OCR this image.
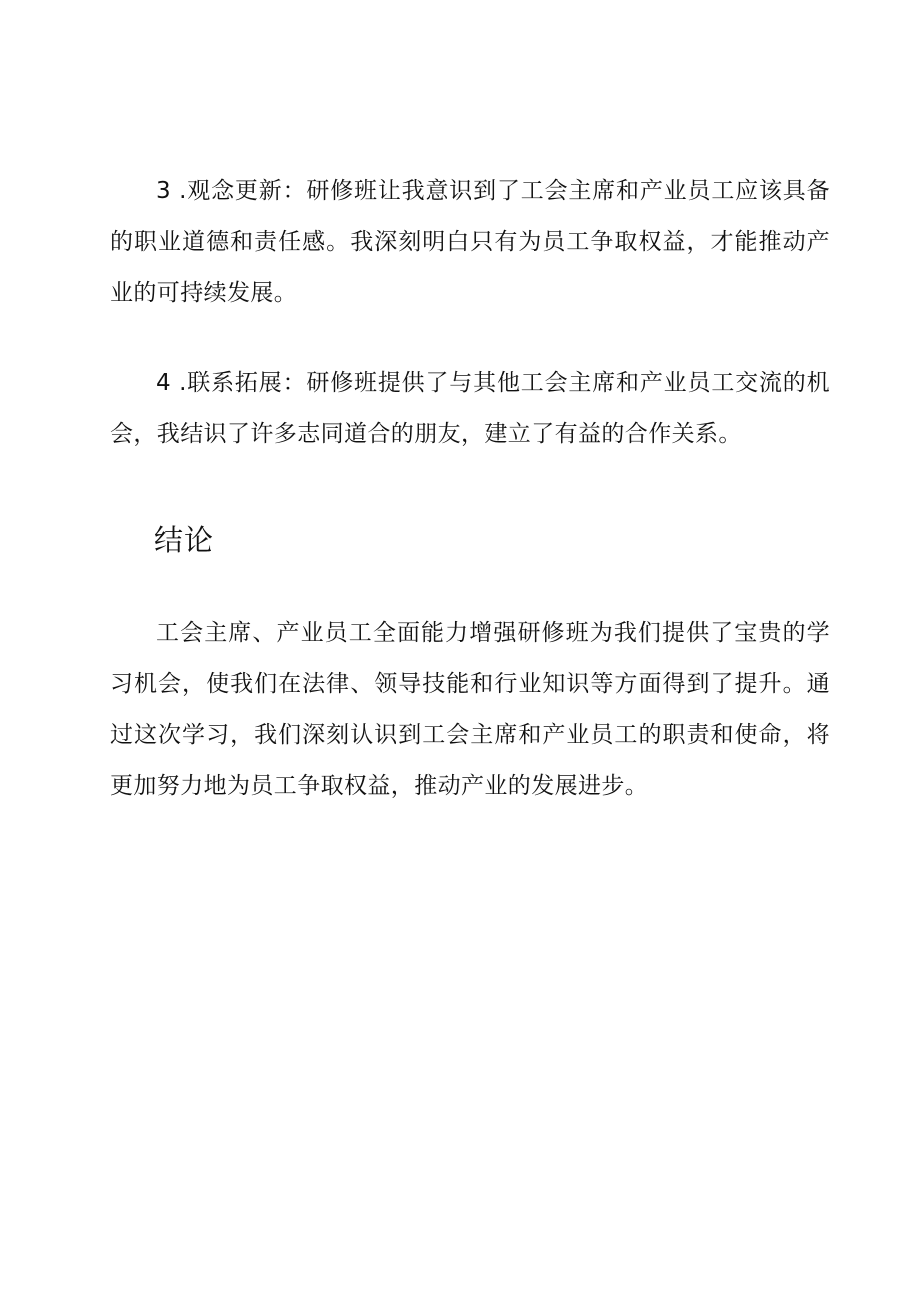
3 .观念更新：研修班让我意识到了工会主席和产业员工应该具备的职业道德和责任感。我深刻明白只有为员工争取权益，才能推动产业的可持续发展。

4 .联系拓展：研修班提供了与其他工会主席和产业员工交流的机会，我结识了许多志同道合的朋友，建立了有益的合作关系。

结论

工会主席、产业员工全面能力增强研修班为我们提供了宝贵的学习机会，使我们在法律、领导技能和行业知识等方面得到了提升。通过这次学习，我们深刻认识到工会主席和产业员工的职责和使命，将更加努力地为员工争取权益，推动产业的发展进步。
